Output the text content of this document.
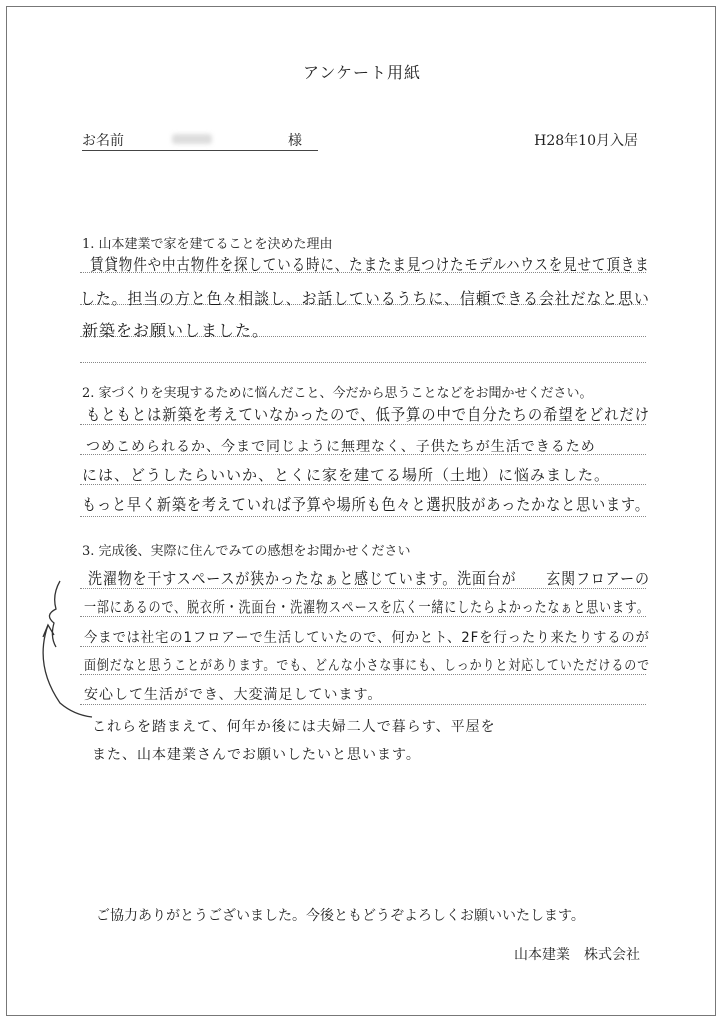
アンケート用紙
お名前	様	H28年10月入居
1. 山本建業で家を建てることを決めた理由
賃貸物件や中古物件を探している時に、たまたま見つけたモデルハウスを見せて頂きま
した。担当の方と色々相談し、お話しているうちに、信頼できる会社だなと思い
新築をお願いしました。
2. 家づくりを実現するために悩んだこと、今だから思うことなどをお聞かせください。
もともとは新築を考えていなかったので、低予算の中で自分たちの希望をどれだけ
つめこめられるか、今まで同じように無理なく、子供たちが生活できるため
には、どうしたらいいか、とくに家を建てる場所（土地）に悩みました。
もっと早く新築を考えていれば予算や場所も色々と選択肢があったかなと思います。
3. 完成後、実際に住んでみての感想をお聞かせください
洗濯物を干すスペースが狭かったなぁと感じています。洗面台が　　玄関フロアーの
一部にあるので、脱衣所・洗面台・洗濯物スペースを広く一緒にしたらよかったなぁと思います。
今までは社宅の1フロアーで生活していたので、何かとト、2Fを行ったり来たりするのが
面倒だなと思うことがあります。でも、どんな小さな事にも、しっかりと対応していただけるので
安心して生活ができ、大変満足しています。
これらを踏まえて、何年か後には夫婦二人で暮らす、平屋を
また、山本建業さんでお願いしたいと思います。
ご協力ありがとうございました。今後ともどうぞよろしくお願いいたします。
山本建業　株式会社
